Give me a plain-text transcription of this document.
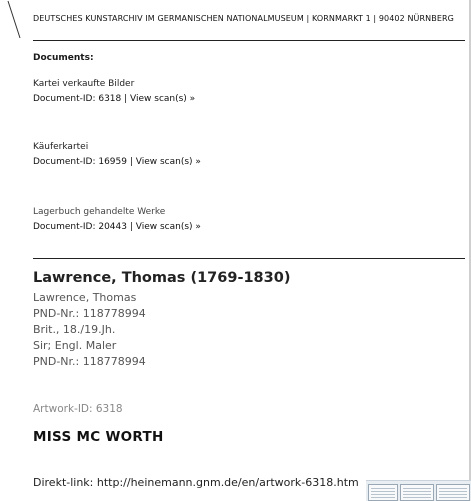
DEUTSCHES KUNSTARCHIV IM GERMANISCHEN NATIONALMUSEUM | KORNMARKT 1 | 90402 NÜRNBERG
Documents:
Kartei verkaufte Bilder
Document-ID: 6318 | View scan(s) »
Käuferkartei
Document-ID: 16959 | View scan(s) »
Lagerbuch gehandelte Werke
Document-ID: 20443 | View scan(s) »
Lawrence, Thomas (1769-1830)
Lawrence, Thomas
PND-Nr.: 118778994
Brit., 18./19.Jh.
Sir; Engl. Maler
PND-Nr.: 118778994
Artwork-ID: 6318
MISS MC WORTH
Direkt-link: http://heinemann.gnm.de/en/artwork-6318.htm
